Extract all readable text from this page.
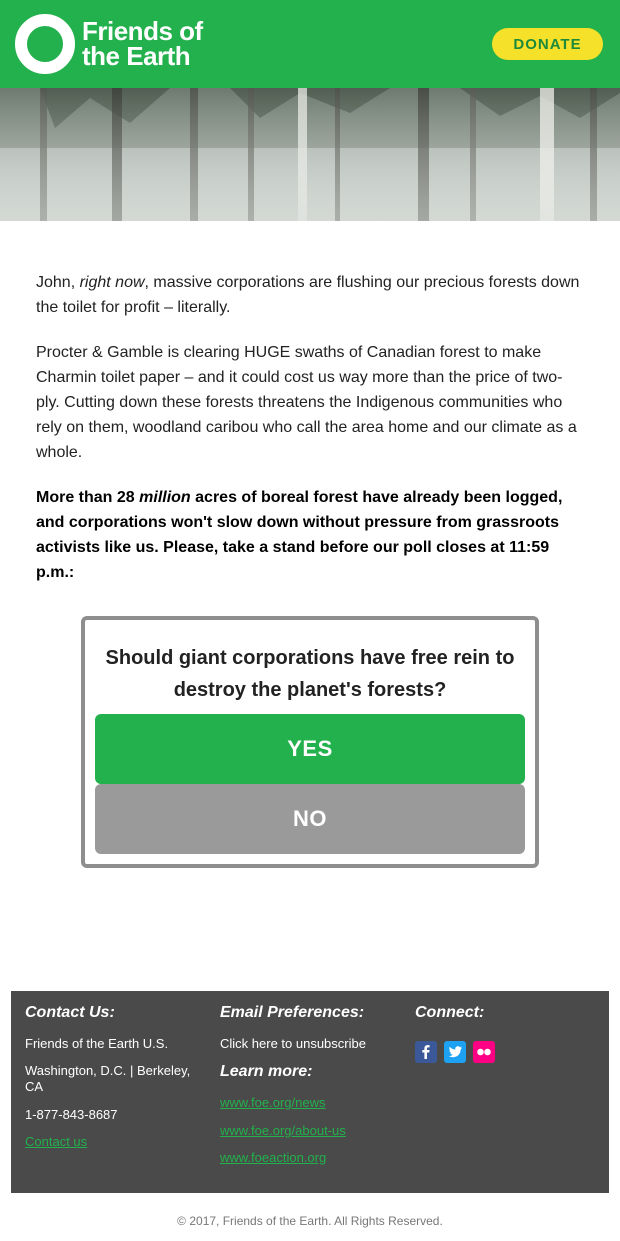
Friends of
the Earth	DONATE

John, right now, massive corporations are flushing our precious forests down the toilet for profit – literally.

Procter & Gamble is clearing HUGE swaths of Canadian forest to make Charmin toilet paper – and it could cost us way more than the price of two-ply. Cutting down these forests threatens the Indigenous communities who rely on them, woodland caribou who call the area home and our climate as a whole.

More than 28 million acres of boreal forest have already been logged, and corporations won't slow down without pressure from grassroots activists like us. Please, take a stand before our poll closes at 11:59 p.m.:

Should giant corporations have free rein to destroy the planet's forests?
YES
NO
Contact Us:
Friends of the Earth U.S.
Washington, D.C. | Berkeley, CA
1-877-843-8687
Contact us
Email Preferences:
Click here to unsubscribe
Learn more:
www.foe.org/news
www.foe.org/about-us
www.foeaction.org
Connect:
© 2017, Friends of the Earth. All Rights Reserved.
